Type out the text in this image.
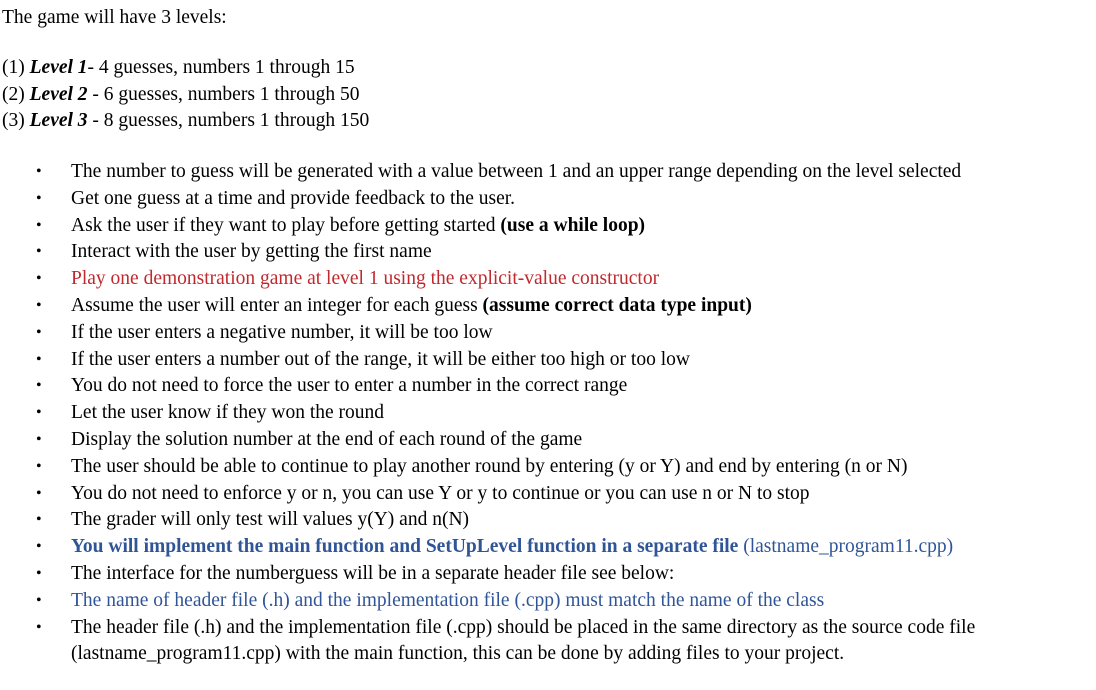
The game will have 3 levels:
(1) Level 1- 4 guesses, numbers 1 through 15
(2) Level 2 - 6 guesses, numbers 1 through 50
(3) Level 3 - 8 guesses, numbers 1 through 150
• The number to guess will be generated with a value between 1 and an upper range depending on the level selected
• Get one guess at a time and provide feedback to the user.
• Ask the user if they want to play before getting started (use a while loop)
• Interact with the user by getting the first name
• Play one demonstration game at level 1 using the explicit-value constructor
• Assume the user will enter an integer for each guess (assume correct data type input)
• If the user enters a negative number, it will be too low
• If the user enters a number out of the range, it will be either too high or too low
• You do not need to force the user to enter a number in the correct range
• Let the user know if they won the round
• Display the solution number at the end of each round of the game
• The user should be able to continue to play another round by entering (y or Y) and end by entering (n or N)
• You do not need to enforce y or n, you can use Y or y to continue or you can use n or N to stop
• The grader will only test will values y(Y) and n(N)
• You will implement the main function and SetUpLevel function in a separate file (lastname_program11.cpp)
• The interface for the numberguess will be in a separate header file see below:
• The name of header file (.h) and the implementation file (.cpp) must match the name of the class
• The header file (.h) and the implementation file (.cpp) should be placed in the same directory as the source code file (lastname_program11.cpp) with the main function, this can be done by adding files to your project.
